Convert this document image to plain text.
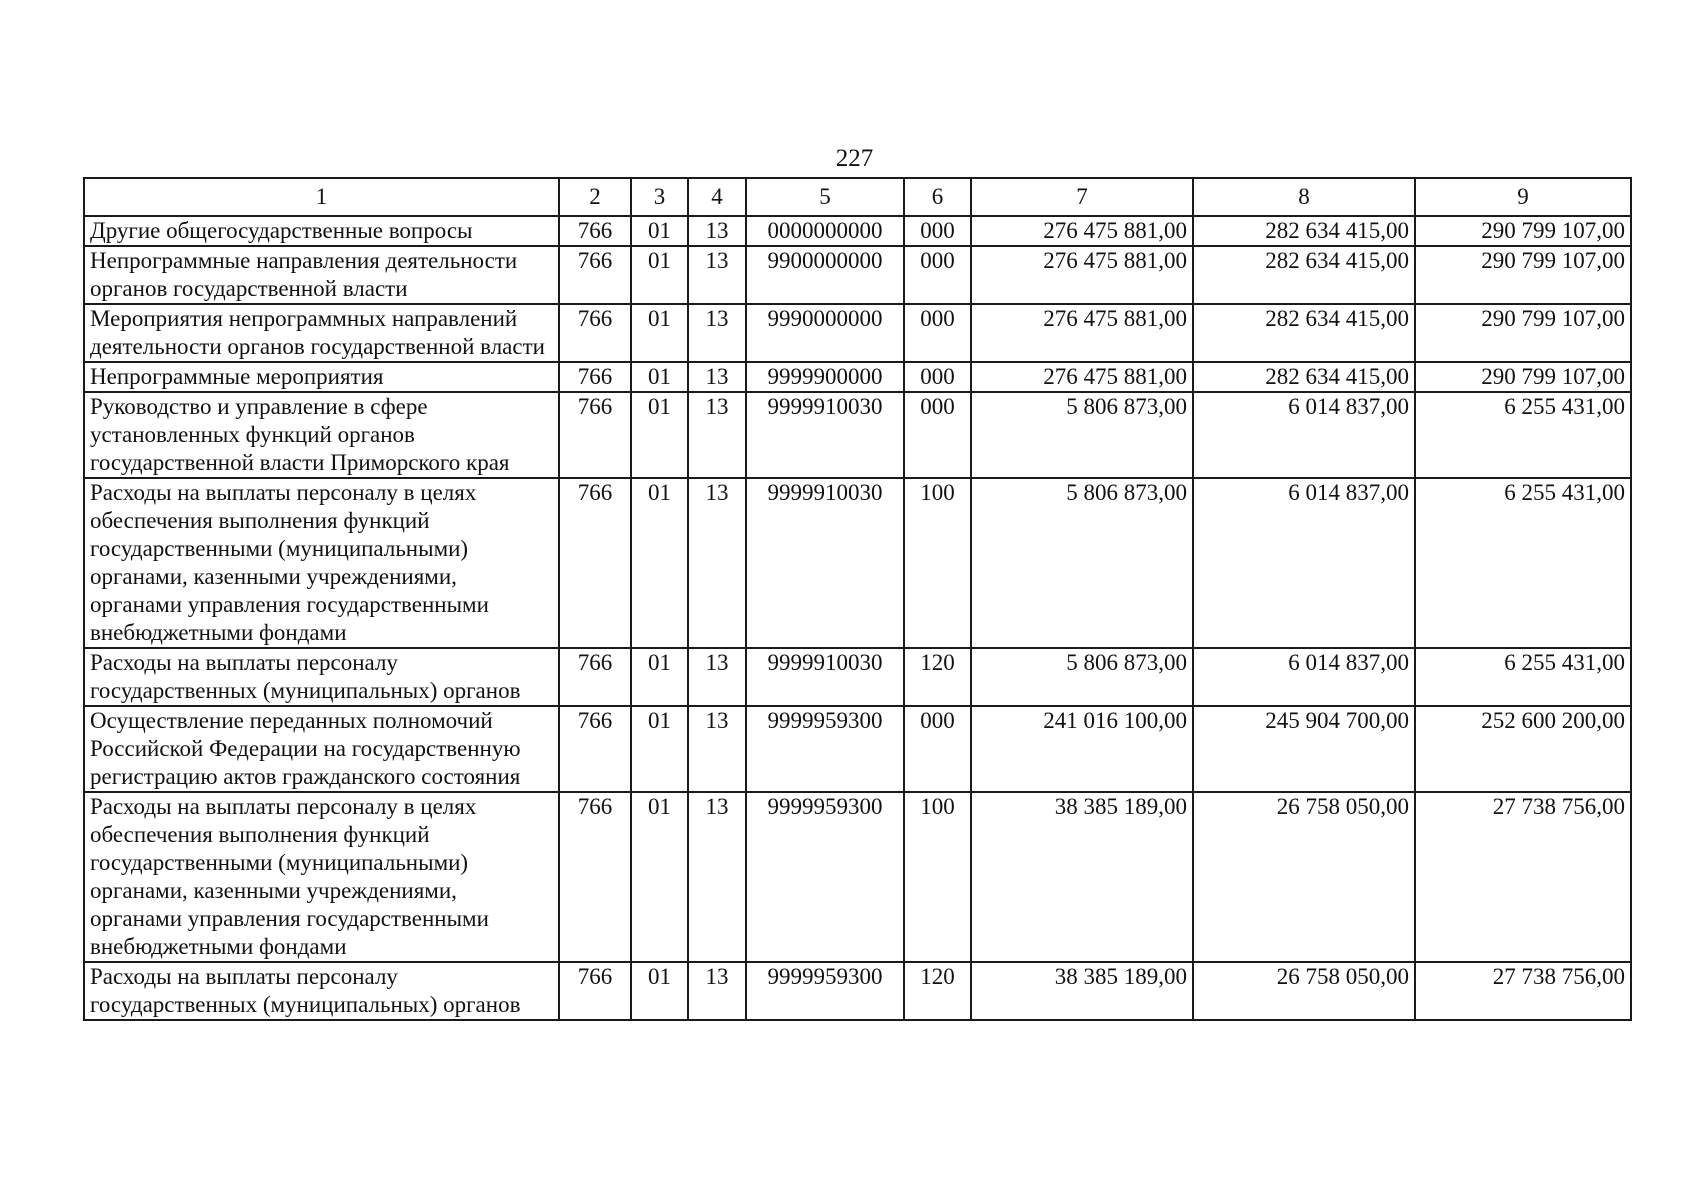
227
1	2	3	4	5	6	7	8	9
Другие общегосударственные вопросы	766	01	13	0000000000	000	276 475 881,00	282 634 415,00	290 799 107,00
Непрограммные направления деятельности органов государственной власти	766	01	13	9900000000	000	276 475 881,00	282 634 415,00	290 799 107,00
Мероприятия непрограммных направлений деятельности органов государственной власти	766	01	13	9990000000	000	276 475 881,00	282 634 415,00	290 799 107,00
Непрограммные мероприятия	766	01	13	9999900000	000	276 475 881,00	282 634 415,00	290 799 107,00
Руководство и управление в сфере установленных функций органов государственной власти Приморского края	766	01	13	9999910030	000	5 806 873,00	6 014 837,00	6 255 431,00
Расходы на выплаты персоналу в целях обеспечения выполнения функций государственными (муниципальными) органами, казенными учреждениями, органами управления государственными внебюджетными фондами	766	01	13	9999910030	100	5 806 873,00	6 014 837,00	6 255 431,00
Расходы на выплаты персоналу государственных (муниципальных) органов	766	01	13	9999910030	120	5 806 873,00	6 014 837,00	6 255 431,00
Осуществление переданных полномочий Российской Федерации на государственную регистрацию актов гражданского состояния	766	01	13	9999959300	000	241 016 100,00	245 904 700,00	252 600 200,00
Расходы на выплаты персоналу в целях обеспечения выполнения функций государственными (муниципальными) органами, казенными учреждениями, органами управления государственными внебюджетными фондами	766	01	13	9999959300	100	38 385 189,00	26 758 050,00	27 738 756,00
Расходы на выплаты персоналу государственных (муниципальных) органов	766	01	13	9999959300	120	38 385 189,00	26 758 050,00	27 738 756,00
